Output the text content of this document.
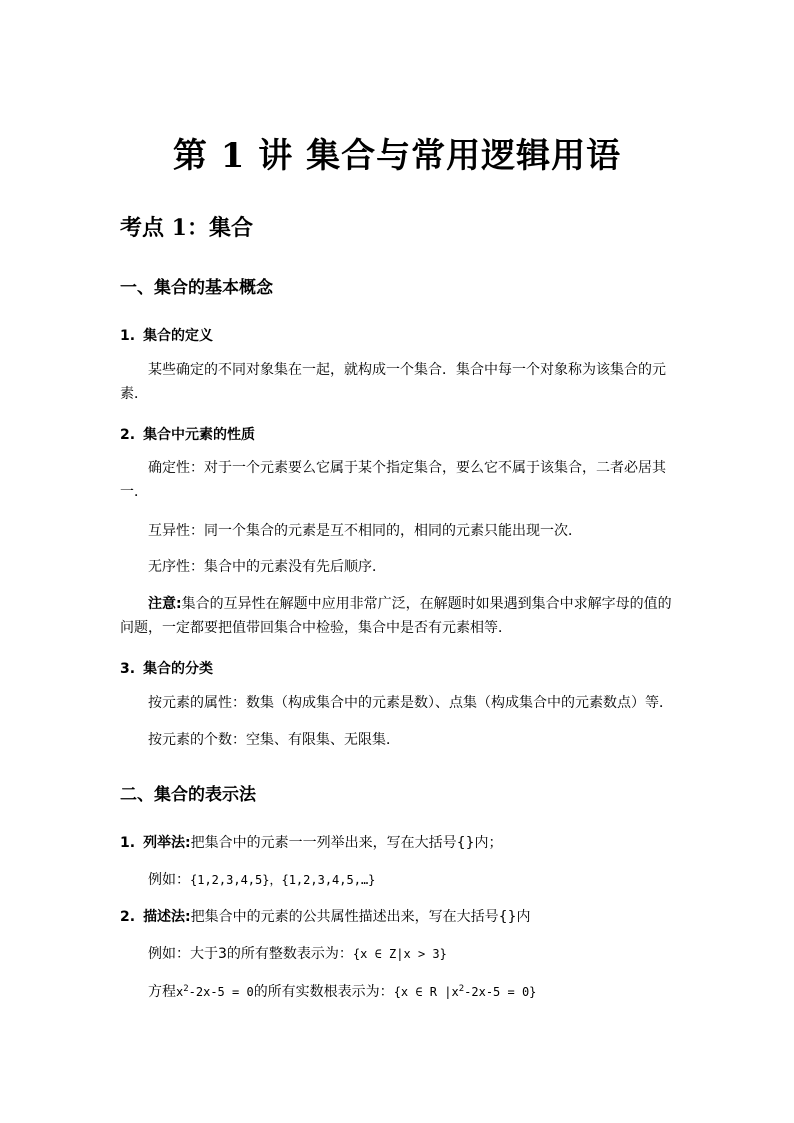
第 1 讲 集合与常用逻辑用语
考点 1：集合
一、集合的基本概念
1. 集合的定义
某些确定的不同对象集在一起，就构成一个集合．集合中每一个对象称为该集合的元素．
2. 集合中元素的性质
确定性：对于一个元素要么它属于某个指定集合，要么它不属于该集合，二者必居其一．
互异性：同一个集合的元素是互不相同的，相同的元素只能出现一次．
无序性：集合中的元素没有先后顺序．
注意:集合的互异性在解题中应用非常广泛，在解题时如果遇到集合中求解字母的值的问题，一定都要把值带回集合中检验，集合中是否有元素相等．
3. 集合的分类
按元素的属性：数集（构成集合中的元素是数）、点集（构成集合中的元素数点）等．
按元素的个数：空集、有限集、无限集．
二、集合的表示法
1. 列举法:把集合中的元素一一列举出来，写在大括号{}内；
例如：{1,2,3,4,5}，{1,2,3,4,5,…}
2. 描述法:把集合中的元素的公共属性描述出来，写在大括号{}内
例如：大于3的所有整数表示为：{x ∈ Z|x > 3}
方程$x^2-2x-5 = 0$的所有实数根表示为：{x ∈ R $|x^2-2x-5 = 0$}
